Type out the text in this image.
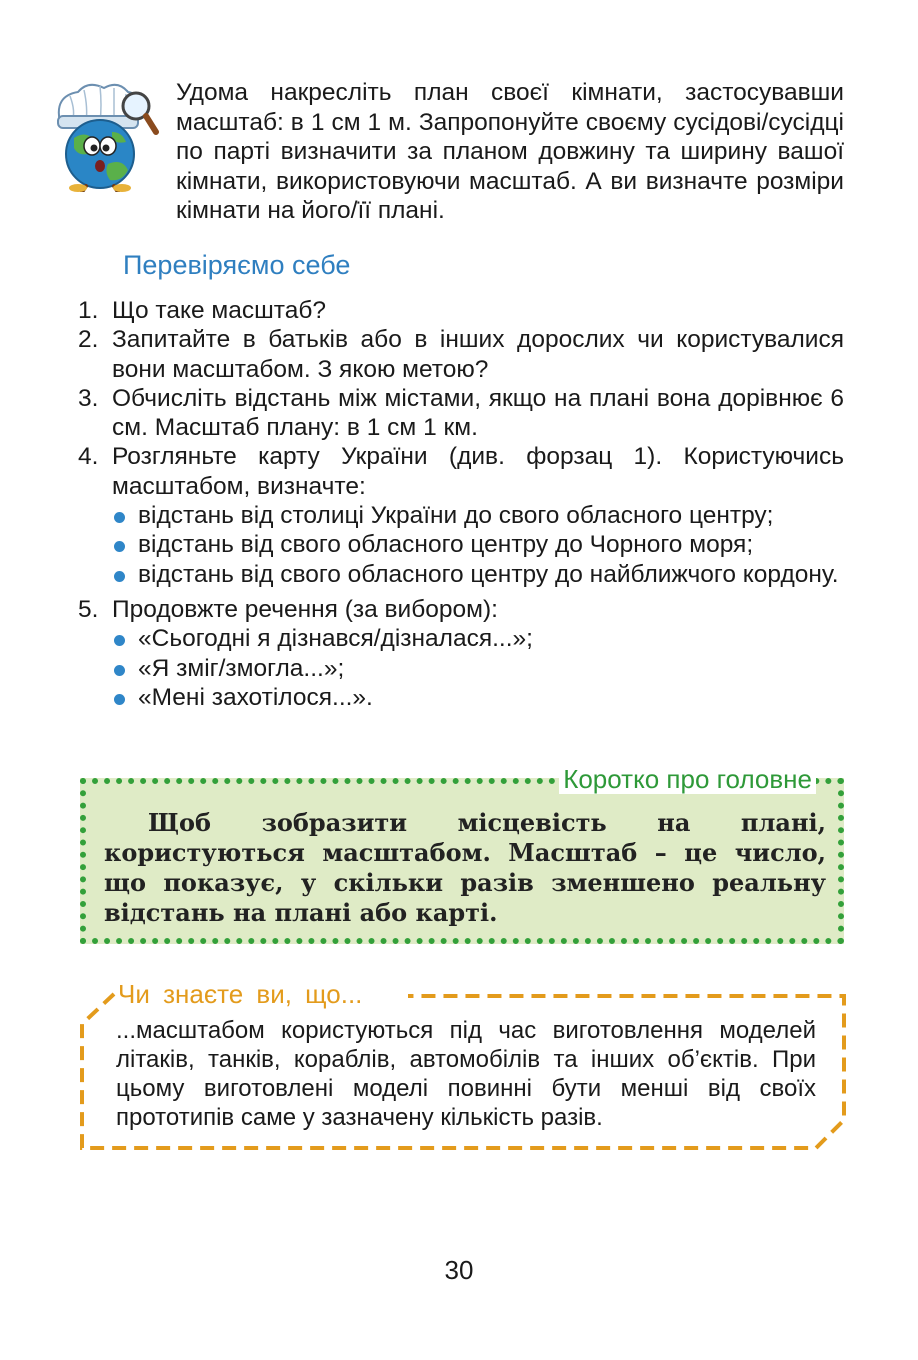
Удома накресліть план своєї кімнати, застосувавши масштаб: в 1 см 1 м. Запропонуйте своєму сусідові/сусідці по парті визначити за планом довжину та ширину вашої кімнати, використовуючи масштаб. А ви визначте розміри кімнати на його/її плані.
Перевіряємо себе
1. Що таке масштаб?
2. Запитайте в батьків або в інших дорослих чи користувалися вони масштабом. З якою метою?
3. Обчисліть відстань між містами, якщо на плані вона дорівнює 6 см. Масштаб плану: в 1 см 1 км.
4. Розгляньте карту України (див. форзац 1). Користуючись масштабом, визначте:
відстань від столиці України до свого обласного центру;
відстань від свого обласного центру до Чорного моря;
відстань від свого обласного центру до найближчого кордону.
5. Продовжте речення (за вибором):
«Сьогодні я дізнався/дізналася...»;
«Я зміг/змогла...»;
«Мені захотілося...».
Коротко про головне
Щоб зобразити місцевість на плані, користуються масштабом. Масштаб – це число, що показує, у скільки разів зменшено реальну відстань на плані або карті.
Чи знаєте ви, що...
...масштабом користуються під час виготовлення моделей літаків, танків, кораблів, автомобілів та інших об’єктів. При цьому виготовлені моделі повинні бути менші від своїх прототипів саме у зазначену кількість разів.
30
